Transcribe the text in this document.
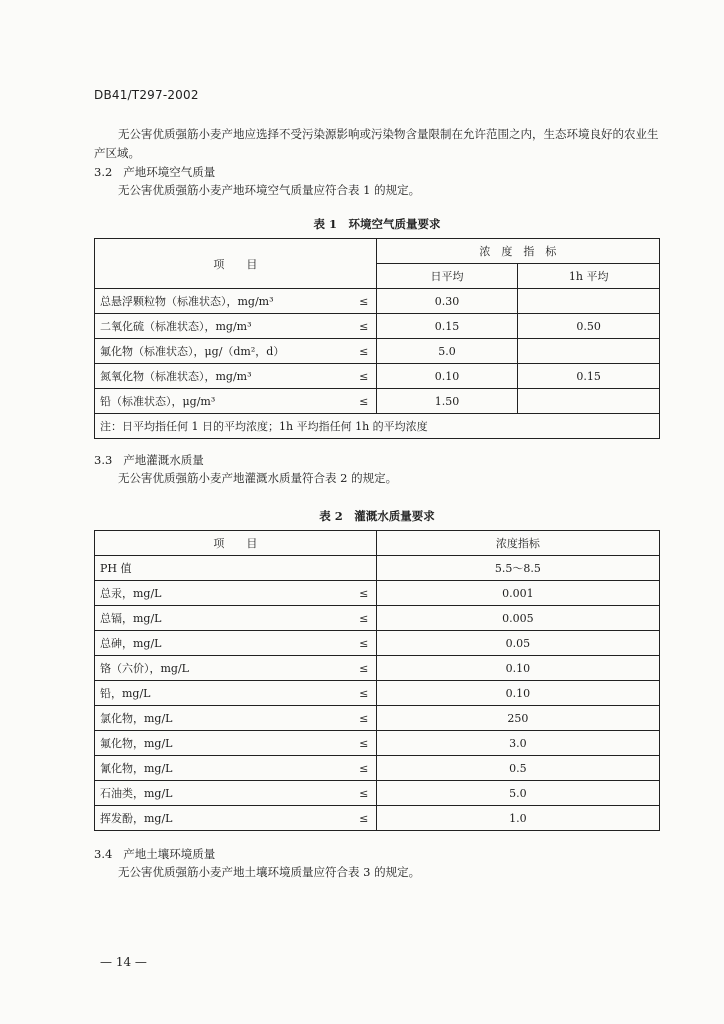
DB41/T297-2002
无公害优质强筋小麦产地应选择不受污染源影响或污染物含量限制在允许范围之内，生态环境良好的农业生产区域。
3.2 产地环境空气质量
无公害优质强筋小麦产地环境空气质量应符合表 1 的规定。
表 1　环境空气质量要求
项　　目		浓　度　指　标	
		日平均	1h 平均
总悬浮颗粒物（标准状态），mg/m³	≤	0.30	
二氧化硫（标准状态），mg/m³	≤	0.15	0.50
氟化物（标准状态），μg/（dm²，d）	≤	5.0	
氮氧化物（标准状态），mg/m³	≤	0.10	0.15
铅（标准状态），μg/m³	≤	1.50	
注：日平均指任何 1 日的平均浓度；1h 平均指任何 1h 的平均浓度			
3.3 产地灌溉水质量
无公害优质强筋小麦产地灌溉水质量符合表 2 的规定。
表 2　灌溉水质量要求
项　　目		浓度指标
PH 值		5.5～8.5
总汞，mg/L	≤	0.001
总镉，mg/L	≤	0.005
总砷，mg/L	≤	0.05
铬（六价），mg/L	≤	0.10
铅，mg/L	≤	0.10
氯化物，mg/L	≤	250
氟化物，mg/L	≤	3.0
氰化物，mg/L	≤	0.5
石油类，mg/L	≤	5.0
挥发酚，mg/L	≤	1.0
3.4 产地土壤环境质量
无公害优质强筋小麦产地土壤环境质量应符合表 3 的规定。
— 14 —
